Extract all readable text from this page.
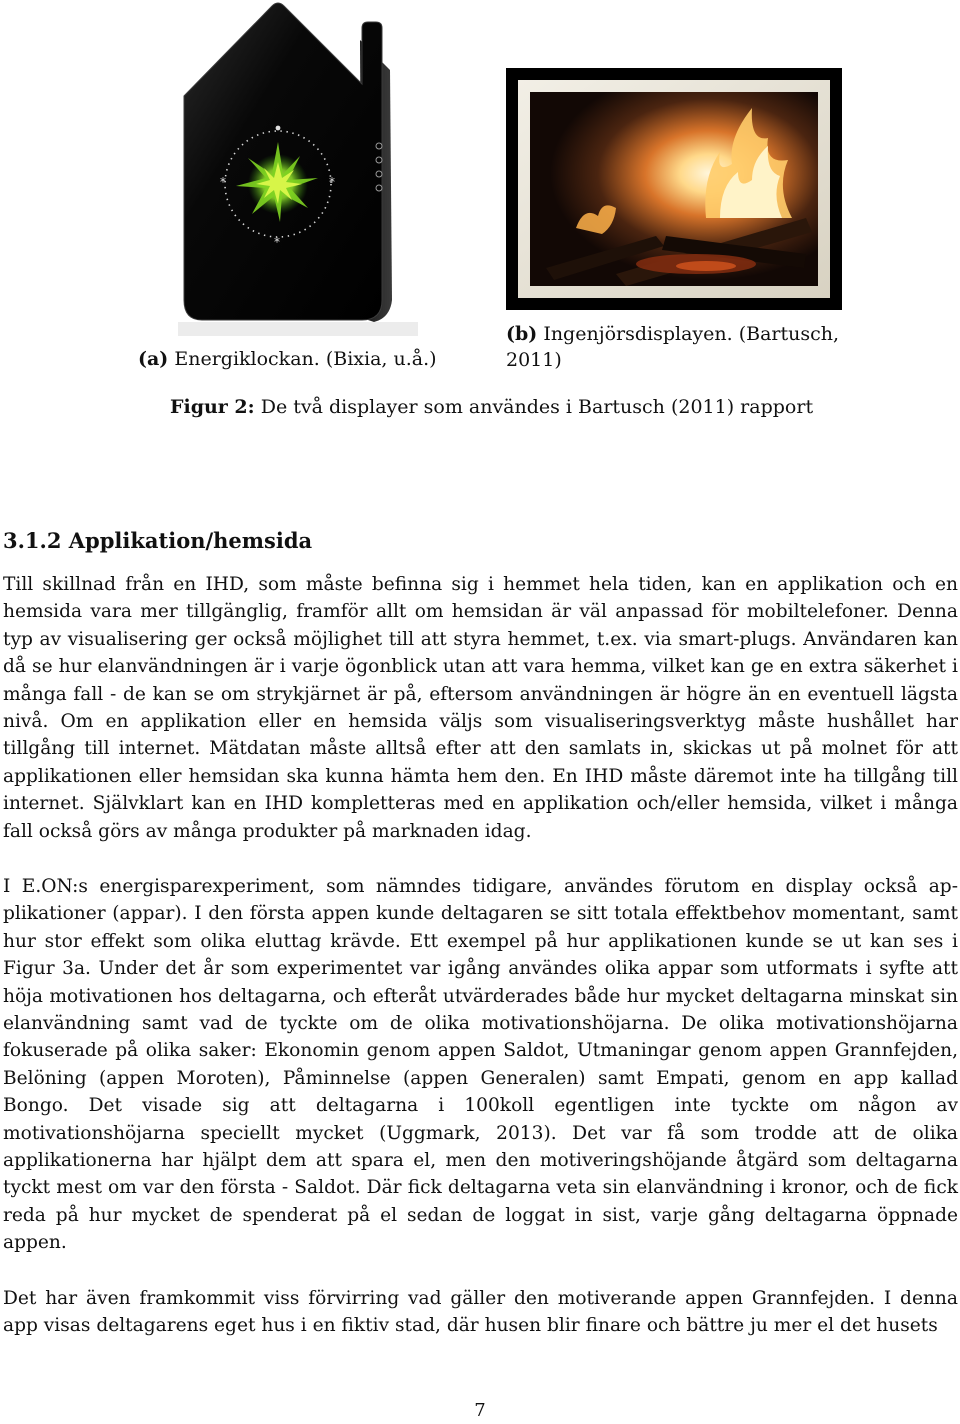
*	*
*
(a) Energiklockan. (Bixia, u.å.)
(b) Ingenjörsdisplayen. (Bartusch,
2011)
Figur 2: De två displayer som användes i Bartusch (2011) rapport
3.1.2 Applikation/hemsida
Till skillnad från en IHD, som måste befinna sig i hemmet hela tiden, kan en applikation och en hemsida vara mer tillgänglig, framför allt om hemsidan är väl anpassad för mobiltelefoner. Denna typ av visualisering ger också möjlighet till att styra hemmet, t.ex. via smart-plugs. Användaren kan då se hur elanvändningen är i varje ögonblick utan att vara hemma, vilket kan ge en extra säkerhet i många fall - de kan se om strykjärnet är på, eftersom användningen är högre än en eventuell lägsta nivå. Om en applikation eller en hemsida väljs som visualiseringsverktyg måste hushållet har tillgång till internet. Mätdatan måste alltså efter att den samlats in, skickas ut på molnet för att applikationen eller hemsidan ska kunna hämta hem den. En IHD måste däremot inte ha tillgång till internet. Självklart kan en IHD kompletteras med en applikation och/eller hemsida, vilket i många fall också görs av många produkter på marknaden idag.
I E.ON:s energisparexperiment, som nämndes tidigare, användes förutom en display också applikationer (appar). I den första appen kunde deltagaren se sitt totala effektbehov momentant, samt hur stor effekt som olika eluttag krävde. Ett exempel på hur applikationen kunde se ut kan ses i Figur 3a. Under det år som experimentet var igång användes olika appar som utformats i syfte att höja motivationen hos deltagarna, och efteråt utvärderades både hur mycket deltagarna minskat sin elanvändning samt vad de tyckte om de olika motivationshöjarna. De olika motivationshöjarna fokuserade på olika saker: Ekonomin genom appen Saldot, Utmaningar genom appen Grannfejden, Belöning (appen Moroten), Påminnelse (appen Generalen) samt Empati, genom en app kallad Bongo. Det visade sig att deltagarna i 100koll egentligen inte tyckte om någon av motivationshöjarna speciellt mycket (Uggmark, 2013). Det var få som trodde att de olika applikationerna har hjälpt dem att spara el, men den motiveringshöjande åtgärd som deltagarna tyckt mest om var den första - Saldot. Där fick deltagarna veta sin elanvändning i kronor, och de fick reda på hur mycket de spenderat på el sedan de loggat in sist, varje gång deltagarna öppnade appen.
Det har även framkommit viss förvirring vad gäller den motiverande appen Grannfejden. I denna app visas deltagarens eget hus i en fiktiv stad, där husen blir finare och bättre ju mer el det husets
7
